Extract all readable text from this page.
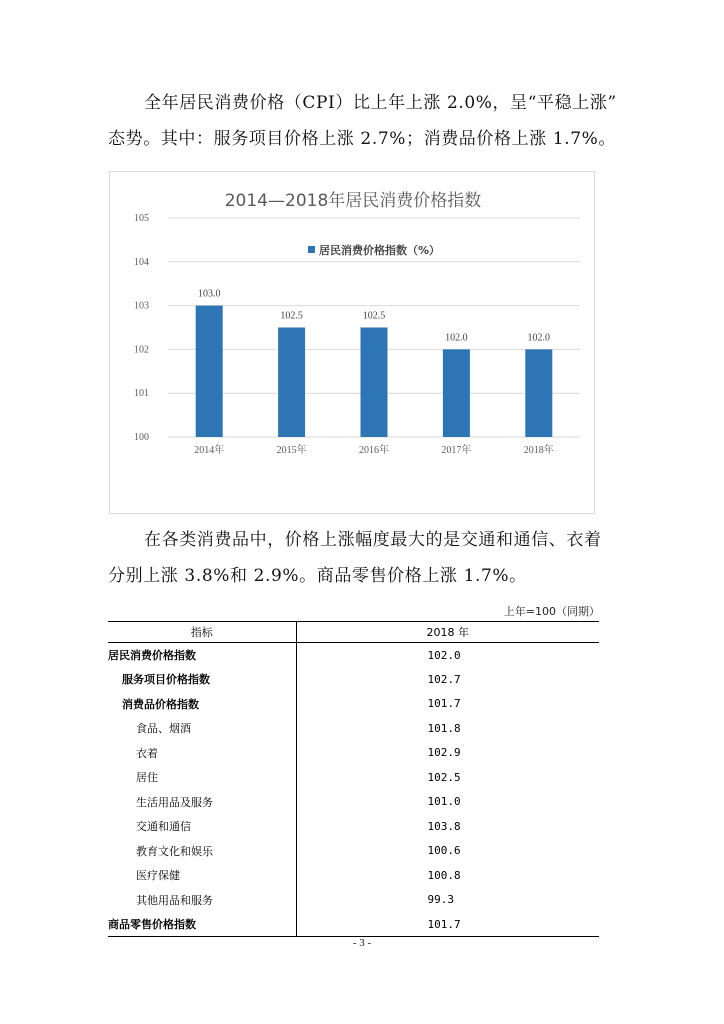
全年居民消费价格（CPI）比上年上涨 2.0%，呈“平稳上涨”
态势。其中：服务项目价格上涨 2.7%；消费品价格上涨 1.7%。
2014—2018年居民消费价格指数
100
101
102
103
104
105
103.0
102.5	102.5
102.0	102.0
2014年	2015年	2016年	2017年	2018年
居民消费价格指数（%）
在各类消费品中，价格上涨幅度最大的是交通和通信、衣着
分别上涨 3.8%和 2.9%。商品零售价格上涨 1.7%。
上年=100（同期）
指标	2018 年
居民消费价格指数	102.0
服务项目价格指数	102.7
消费品价格指数	101.7
食品、烟酒	101.8
衣着	102.9
居住	102.5
生活用品及服务	101.0
交通和通信	103.8
教育文化和娱乐	100.6
医疗保健	100.8
其他用品和服务	99.3
商品零售价格指数	101.7
- 3 -
